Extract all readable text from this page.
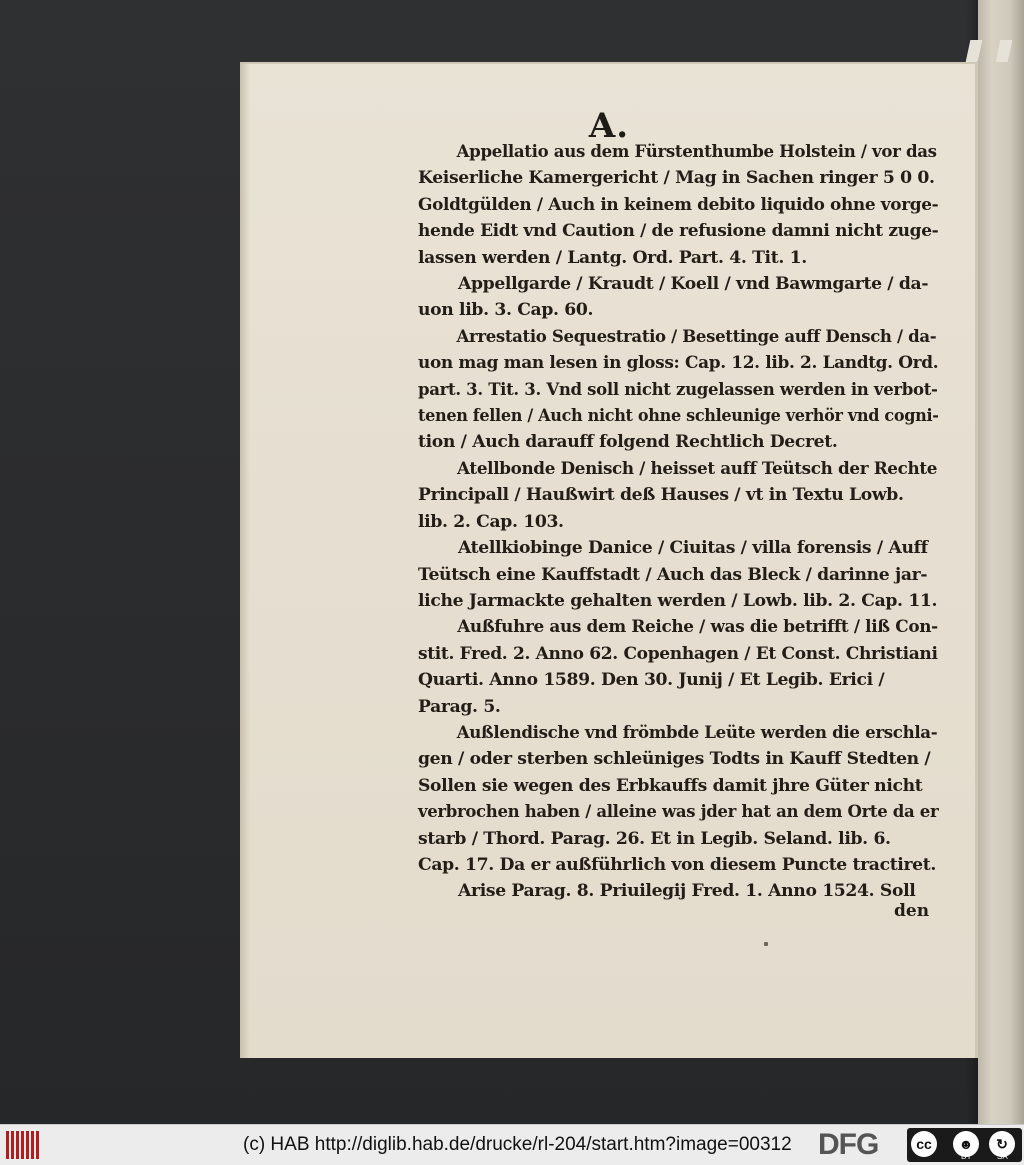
A.
Appellatio aus dem Fürstenthumbe Holstein / vor das
Keiserliche Kamergericht / Mag in Sachen ringer 5 0 0.
Goldtgülden / Auch in keinem debito liquido ohne vorge-
hende Eidt vnd Caution / de refusione damni nicht zuge-
lassen werden / Lantg. Ord. Part. 4. Tit. 1.
Appellgarde / Kraudt / Koell / vnd Bawmgarte / da-
uon lib. 3. Cap. 60.
Arrestatio Sequestratio / Besettinge auff Densch / da-
uon mag man lesen in gloss: Cap. 12. lib. 2. Landtg. Ord.
part. 3. Tit. 3. Vnd soll nicht zugelassen werden in verbot-
tenen fellen / Auch nicht ohne schleunige verhör vnd cogni-
tion / Auch darauff folgend Rechtlich Decret.
Atellbonde Denisch / heisset auff Teütsch der Rechte
Principall / Haußwirt deß Hauses / vt in Textu Lowb.
lib. 2. Cap. 103.
Atellkiobinge Danice / Ciuitas / villa forensis / Auff
Teütsch eine Kauffstadt / Auch das Bleck / darinne jar-
liche Jarmackte gehalten werden / Lowb. lib. 2. Cap. 11.
Außfuhre aus dem Reiche / was die betrifft / liß Con-
stit. Fred. 2. Anno 62. Copenhagen / Et Const. Christiani
Quarti. Anno 1589. Den 30. Junij / Et Legib. Erici /
Parag. 5.
Außlendische vnd frömbde Leüte werden die erschla-
gen / oder sterben schleüniges Todts in Kauff Stedten /
Sollen sie wegen des Erbkauffs damit jhre Güter nicht
verbrochen haben / alleine was jder hat an dem Orte da er
starb / Thord. Parag. 26. Et in Legib. Seland. lib. 6.
Cap. 17. Da er außführlich von diesem Puncte tractiret.
Arise Parag. 8. Priuilegij Fred. 1. Anno 1524. Soll
den
(c) HAB http://diglib.hab.de/drucke/rl-204/start.htm?image=00312 DFG	cc	☻	↻
BY	SA
